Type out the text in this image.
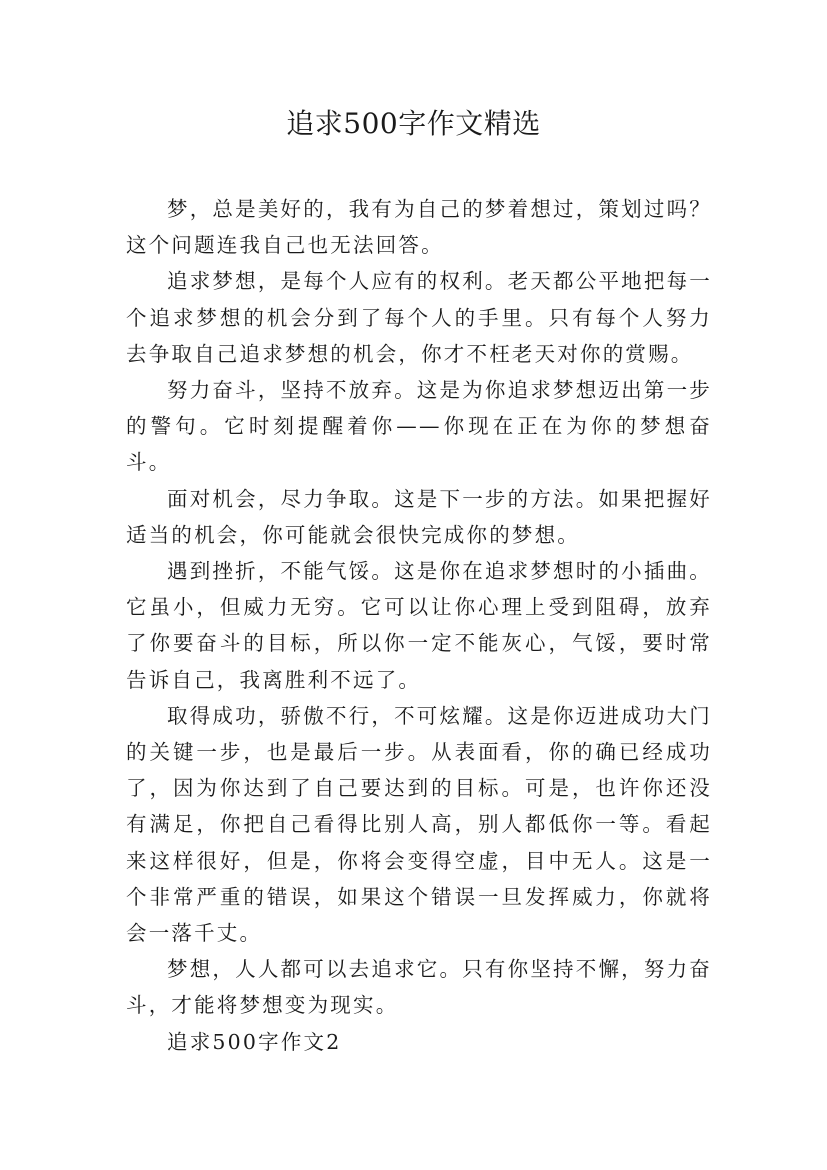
追求500字作文精选

梦，总是美好的，我有为自己的梦着想过，策划过吗？这个问题连我自己也无法回答。

追求梦想，是每个人应有的权利。老天都公平地把每一个追求梦想的机会分到了每个人的手里。只有每个人努力去争取自己追求梦想的机会，你才不枉老天对你的赏赐。

努力奋斗，坚持不放弃。这是为你追求梦想迈出第一步的警句。它时刻提醒着你——你现在正在为你的梦想奋斗。

面对机会，尽力争取。这是下一步的方法。如果把握好适当的机会，你可能就会很快完成你的梦想。

遇到挫折，不能气馁。这是你在追求梦想时的小插曲。它虽小，但威力无穷。它可以让你心理上受到阻碍，放弃了你要奋斗的目标，所以你一定不能灰心，气馁，要时常告诉自己，我离胜利不远了。

取得成功，骄傲不行，不可炫耀。这是你迈进成功大门的关键一步，也是最后一步。从表面看，你的确已经成功了，因为你达到了自己要达到的目标。可是，也许你还没有满足，你把自己看得比别人高，别人都低你一等。看起来这样很好，但是，你将会变得空虚，目中无人。这是一个非常严重的错误，如果这个错误一旦发挥威力，你就将会一落千丈。

梦想，人人都可以去追求它。只有你坚持不懈，努力奋斗，才能将梦想变为现实。

追求500字作文2
